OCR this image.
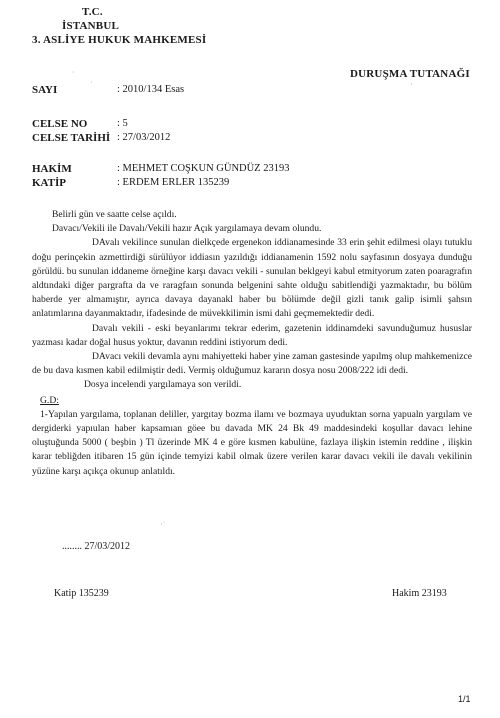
T.C.
İSTANBUL
3. ASLİYE HUKUK MAHKEMESİ
DURUŞMA TUTANAĞI
SAYI	: 2010/134 Esas
CELSE NO	: 5
CELSE TARİHİ : 27/03/2012
HAKİM	: MEHMET COŞKUN GÜNDÜZ 23193
KATİP	: ERDEM ERLER 135239

Belirli gün ve saatte celse açıldı.

Davacı/Vekili ile Davalı/Vekili hazır Açık yargılamaya devam olundu.

DAvalı vekilince sunulan dielkçede ergenekon iddianamesinde 33 erin şehit edilmesi olayı tutuklu doğu perinçekin azmettirdiği sürülüyor iddiasın yazıldığı iddianamenin 1592 nolu sayfasının dosyaya dunduğu görüldü. bu sunulan iddaneme örneğine karşı davacı vekili - sunulan beklgeyi kabul etmityorum zaten poaragrafın aldtındaki diğer pargrafta da ve raragfaın sonunda belgenini sahte olduğu sabitlendiği yazmaktadır, bu bölüm haberde yer almamıştır, ayrıca davaya dayanakl haber bu bölümde değil gizli tanık galip isimli şahsın anlatımlarına dayanmaktadır, ifadesinde de müvekkilimin ismi dahi geçmemektedir dedi.

Davalı vekili - eski beyanlarımı tekrar ederim, gazetenin iddinamdeki savunduğumuz hususlar yazması kadar doğal husus yoktur, davanın reddini istiyorum dedi.

DAvacı vekili devamla aynı mahiyetteki haber yine zaman gastesinde yapılmş olup mahkemenizce de bu dava kısmen kabil edilmiştir dedi. Vermiş olduğumuz kararın dosya nosu 2008/222 idi dedi.

Dosya incelendi yargılamaya son verildi.

G.D:

1-Yapılan yargılama, toplanan deliller, yargıtay bozma ilamı ve bozmaya uyuduktan sorna yapualn yargılam ve dergiderki yapıulan haber kapsamıan göee bu davada MK 24 Bk 49 maddesindeki koşullar davacı lehine oluştuğunda 5000 ( beşbin ) Tl üzerinde MK 4 e göre kısmen kabulüne, fazlaya ilişkin istemin reddine , ilişkin karar tebliğden itibaren 15 gün içinde temyizi kabil olmak üzere verilen karar davacı vekili ile davalı vekilinin yüzüne karşı açıkça okunup anlatıldı.

........ 27/03/2012
Katip 135239	Hakim 23193
1/1
·
˙	·
·˙
